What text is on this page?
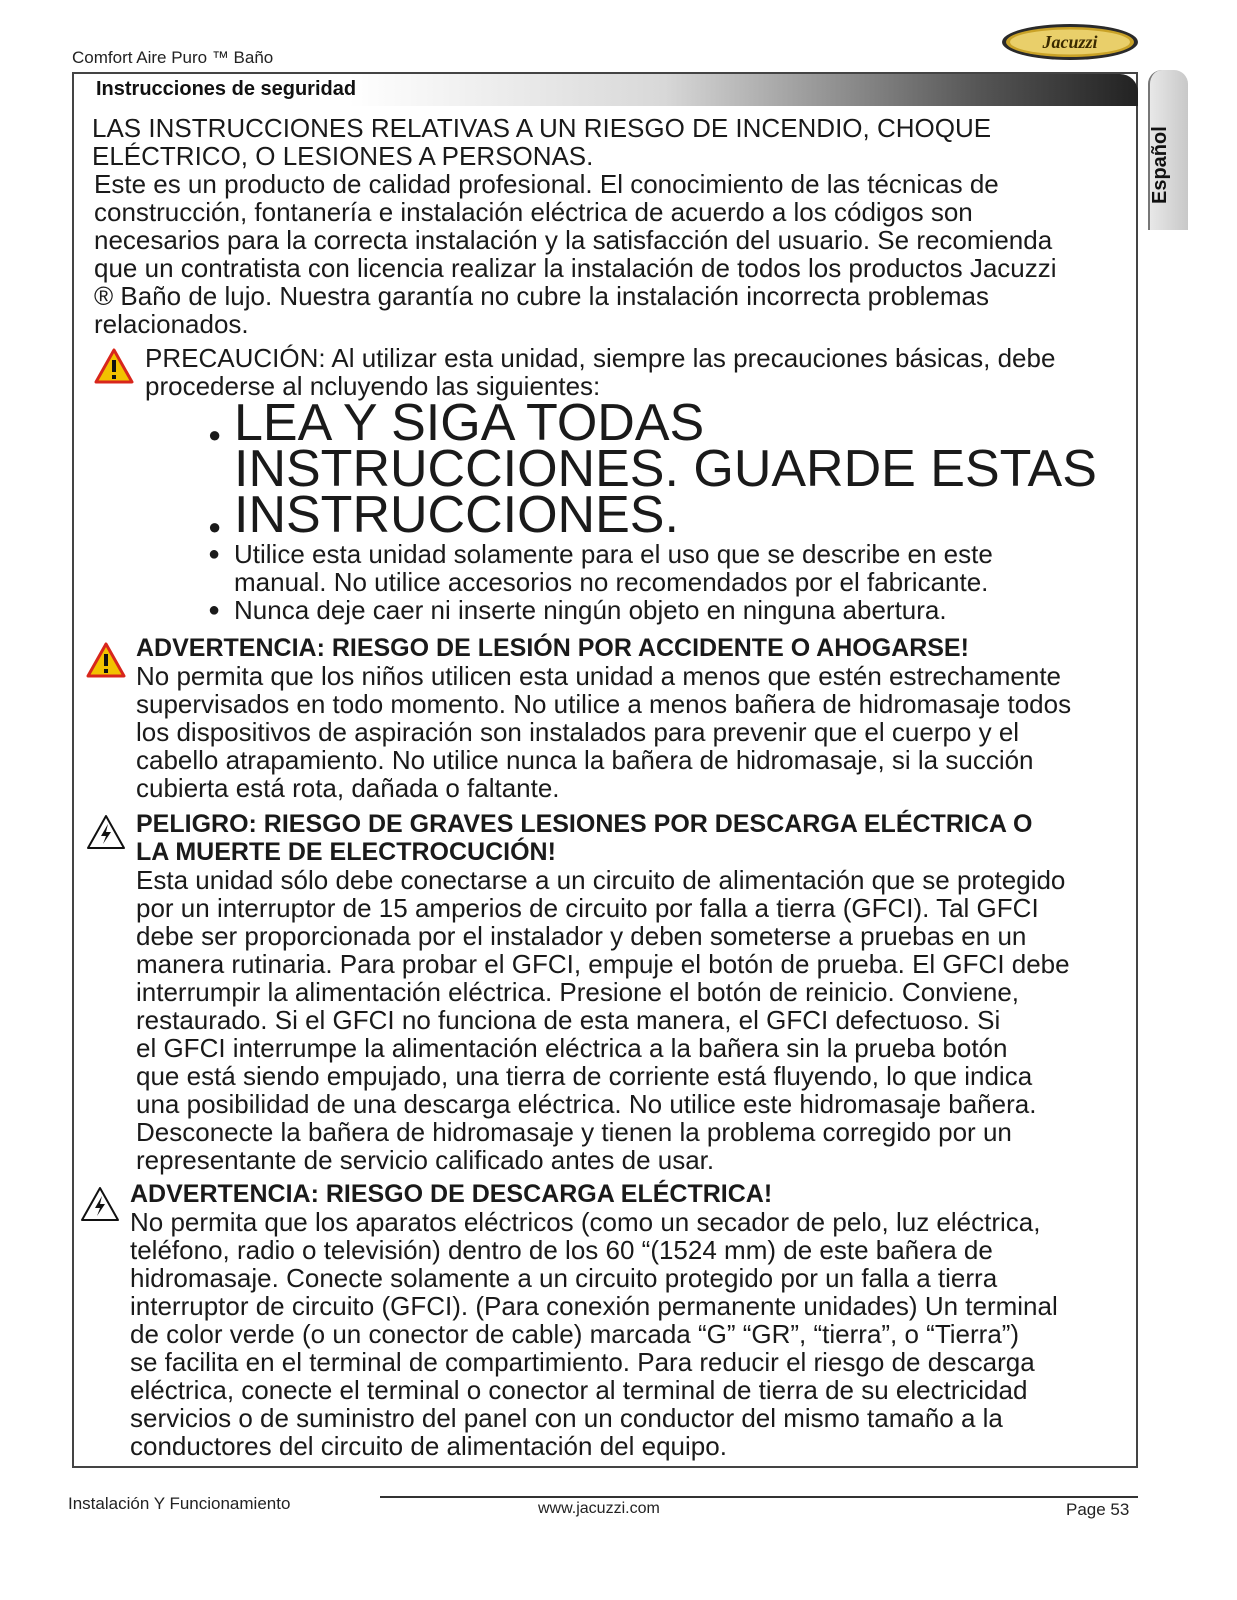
Comfort Aire Puro ™ Baño
Jacuzzi
Español
Instrucciones de seguridad
LAS INSTRUCCIONES RELATIVAS A UN RIESGO DE INCENDIO, CHOQUE
ELÉCTRICO, O LESIONES A PERSONAS.
Este es un producto de calidad profesional. El conocimiento de las técnicas de
construcción, fontanería e instalación eléctrica de acuerdo a los códigos son
necesarios para la correcta instalación y la satisfacción del usuario. Se recomienda
que un contratista con licencia realizar la instalación de todos los productos Jacuzzi
® Baño de lujo. Nuestra garantía no cubre la instalación incorrecta problemas
relacionados.
PRECAUCIÓN: Al utilizar esta unidad, siempre las precauciones básicas, debe
procederse al ncluyendo las siguientes:
● LEA Y SIGA TODAS
INSTRUCCIONES. GUARDE ESTAS
● INSTRUCCIONES.
● Utilice esta unidad solamente para el uso que se describe en este
manual. No utilice accesorios no recomendados por el fabricante.
● Nunca deje caer ni inserte ningún objeto en ninguna abertura.
ADVERTENCIA: RIESGO DE LESIÓN POR ACCIDENTE O AHOGARSE!
No permita que los niños utilicen esta unidad a menos que estén estrechamente
supervisados en todo momento. No utilice a menos bañera de hidromasaje todos
los dispositivos de aspiración son instalados para prevenir que el cuerpo y el
cabello atrapamiento. No utilice nunca la bañera de hidromasaje, si la succión
cubierta está rota, dañada o faltante.
PELIGRO: RIESGO DE GRAVES LESIONES POR DESCARGA ELÉCTRICA O
LA MUERTE DE ELECTROCUCIÓN!
Esta unidad sólo debe conectarse a un circuito de alimentación que se protegido
por un interruptor de 15 amperios de circuito por falla a tierra (GFCI). Tal GFCI
debe ser proporcionada por el instalador y deben someterse a pruebas en un
manera rutinaria. Para probar el GFCI, empuje el botón de prueba. El GFCI debe
interrumpir la alimentación eléctrica. Presione el botón de reinicio. Conviene,
restaurado. Si el GFCI no funciona de esta manera, el GFCI defectuoso. Si
el GFCI interrumpe la alimentación eléctrica a la bañera sin la prueba botón
que está siendo empujado, una tierra de corriente está fluyendo, lo que indica
una posibilidad de una descarga eléctrica. No utilice este hidromasaje bañera.
Desconecte la bañera de hidromasaje y tienen la problema corregido por un
representante de servicio calificado antes de usar.
ADVERTENCIA: RIESGO DE DESCARGA ELÉCTRICA!
No permita que los aparatos eléctricos (como un secador de pelo, luz eléctrica,
teléfono, radio o televisión) dentro de los 60 “(1524 mm) de este bañera de
hidromasaje. Conecte solamente a un circuito protegido por un falla a tierra
interruptor de circuito (GFCI). (Para conexión permanente unidades) Un terminal
de color verde (o un conector de cable) marcada “G” “GR”, “tierra”, o “Tierra”)
se facilita en el terminal de compartimiento. Para reducir el riesgo de descarga
eléctrica, conecte el terminal o conector al terminal de tierra de su electricidad
servicios o de suministro del panel con un conductor del mismo tamaño a la
conductores del circuito de alimentación del equipo.
Instalación Y Funcionamiento	www.jacuzzi.com	Page 53
